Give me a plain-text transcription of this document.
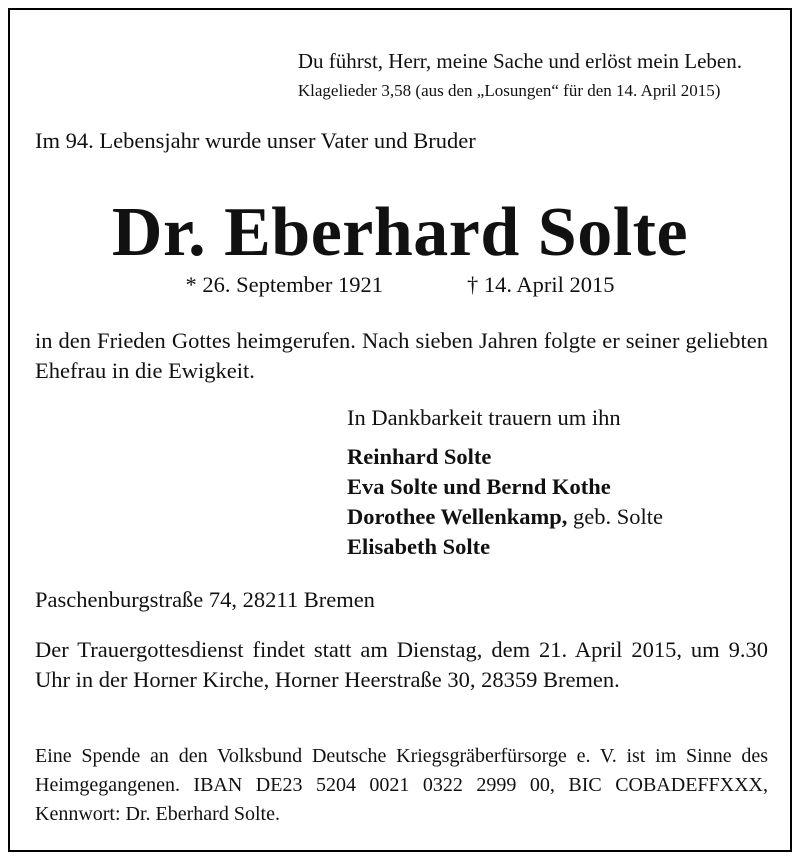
Du führst, Herr, meine Sache und erlöst mein Leben.
Klagelieder 3,58 (aus den „Losungen“ für den 14. April 2015)
Im 94. Lebensjahr wurde unser Vater und Bruder
Dr. Eberhard Solte
* 26. September 1921	† 14. April 2015
in den Frieden Gottes heimgerufen. Nach sieben Jahren folgte er seiner geliebten Ehefrau in die Ewigkeit.
In Dankbarkeit trauern um ihn
Reinhard Solte
Eva Solte und Bernd Kothe
Dorothee Wellenkamp, geb. Solte
Elisabeth Solte
Paschenburgstraße 74, 28211 Bremen
Der Trauergottesdienst findet statt am Dienstag, dem 21. April 2015, um 9.30 Uhr in der Horner Kirche, Horner Heerstraße 30, 28359 Bremen.
Eine Spende an den Volksbund Deutsche Kriegsgräberfürsorge e. V. ist im Sinne des Heimgegangenen. IBAN DE23 5204 0021 0322 2999 00, BIC COBADEFFXXX, Kennwort: Dr. Eberhard Solte.
